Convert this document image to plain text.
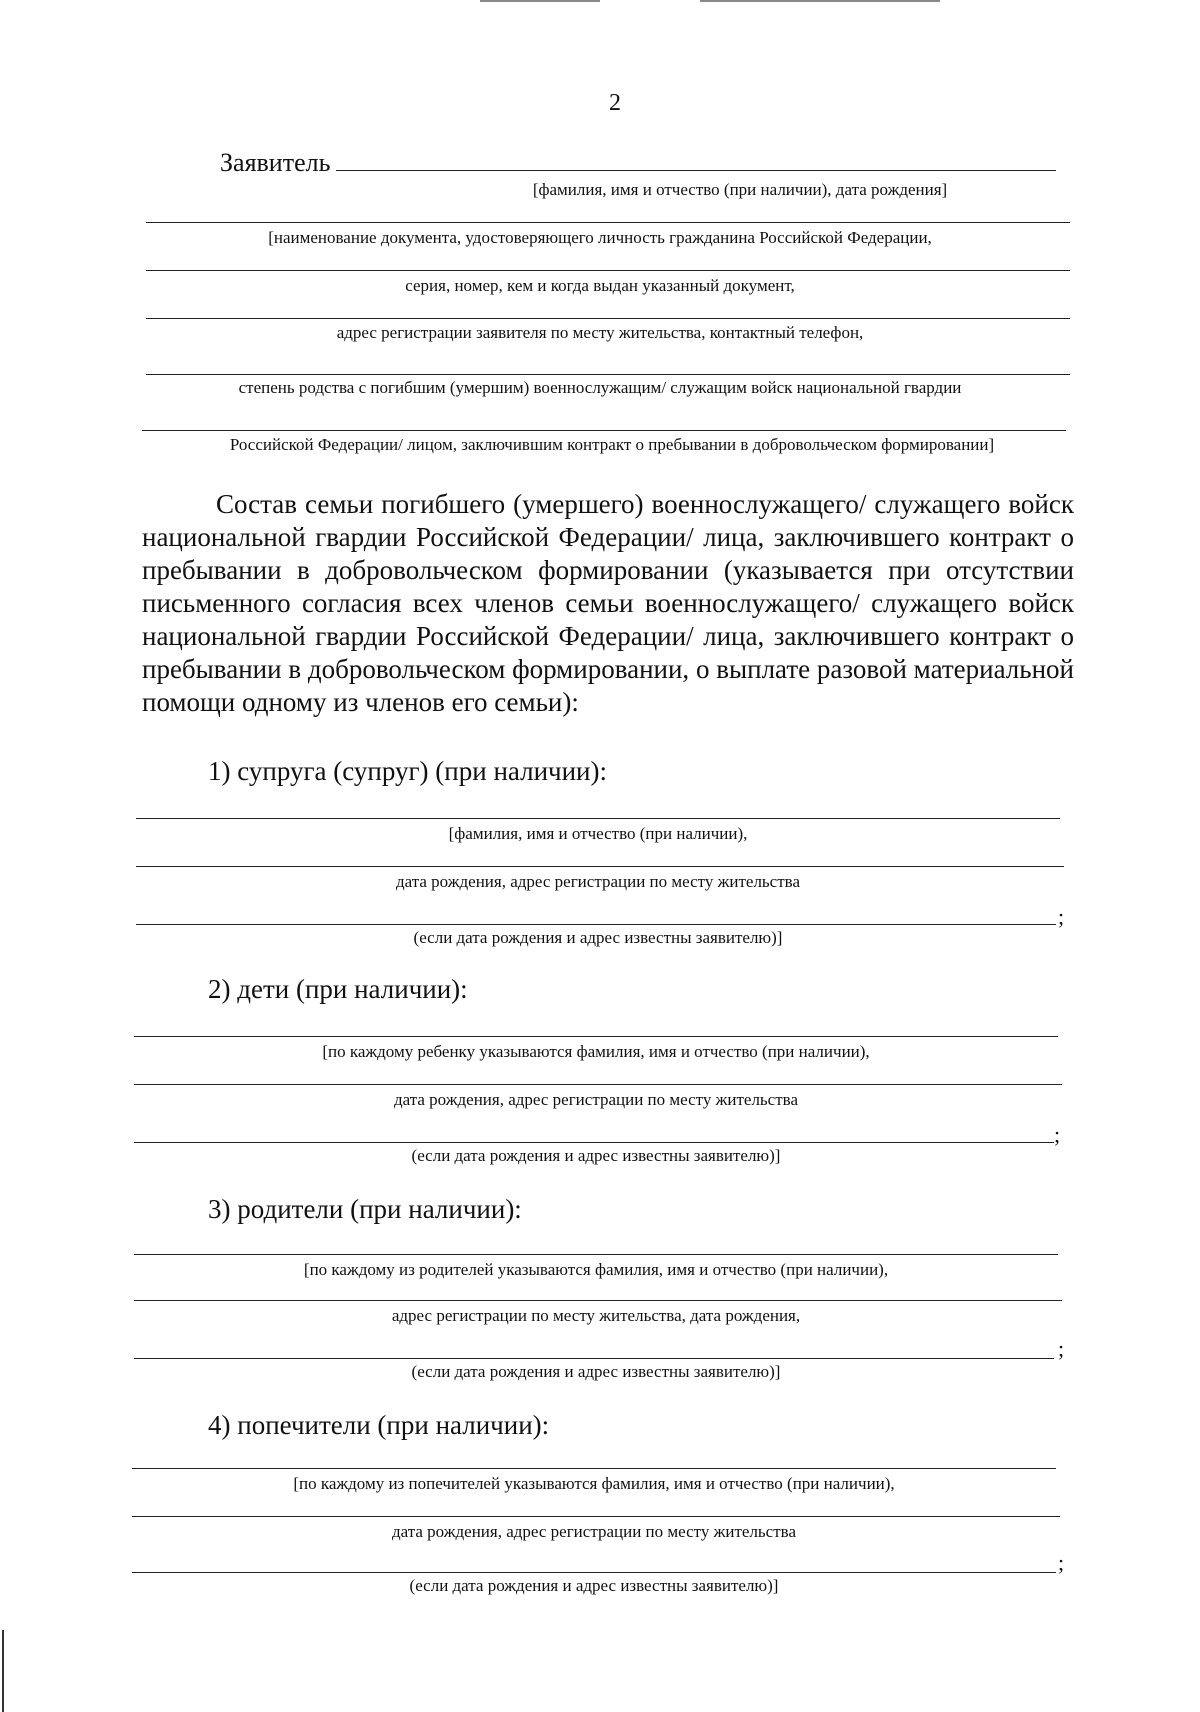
2
Заявитель
[фамилия, имя и отчество (при наличии), дата рождения]
[наименование документа, удостоверяющего личность гражданина Российской Федерации,
серия, номер, кем и когда выдан указанный документ,
адрес регистрации заявителя по месту жительства, контактный телефон,
степень родства с погибшим (умершим) военнослужащим/ служащим войск национальной гвардии
Российской Федерации/ лицом, заключившим контракт о пребывании в добровольческом формировании]
Состав семьи погибшего (умершего) военнослужащего/ служащего войск национальной гвардии Российской Федерации/ лица, заключившего контракт о пребывании в добровольческом формировании (указывается при отсутствии письменного согласия всех членов семьи военнослужащего/ служащего войск национальной гвардии Российской Федерации/ лица, заключившего контракт о пребывании в добровольческом формировании, о выплате разовой материальной помощи одному из членов его семьи):
1) супруга (супруг) (при наличии):
[фамилия, имя и отчество (при наличии),
дата рождения, адрес регистрации по месту жительства
;
(если дата рождения и адрес известны заявителю)]
2) дети (при наличии):
[по каждому ребенку указываются фамилия, имя и отчество (при наличии),
дата рождения, адрес регистрации по месту жительства
;
(если дата рождения и адрес известны заявителю)]
3) родители (при наличии):
[по каждому из родителей указываются фамилия, имя и отчество (при наличии),
адрес регистрации по месту жительства, дата рождения,
;
(если дата рождения и адрес известны заявителю)]
4) попечители (при наличии):
[по каждому из попечителей указываются фамилия, имя и отчество (при наличии),
дата рождения, адрес регистрации по месту жительства
;
(если дата рождения и адрес известны заявителю)]
